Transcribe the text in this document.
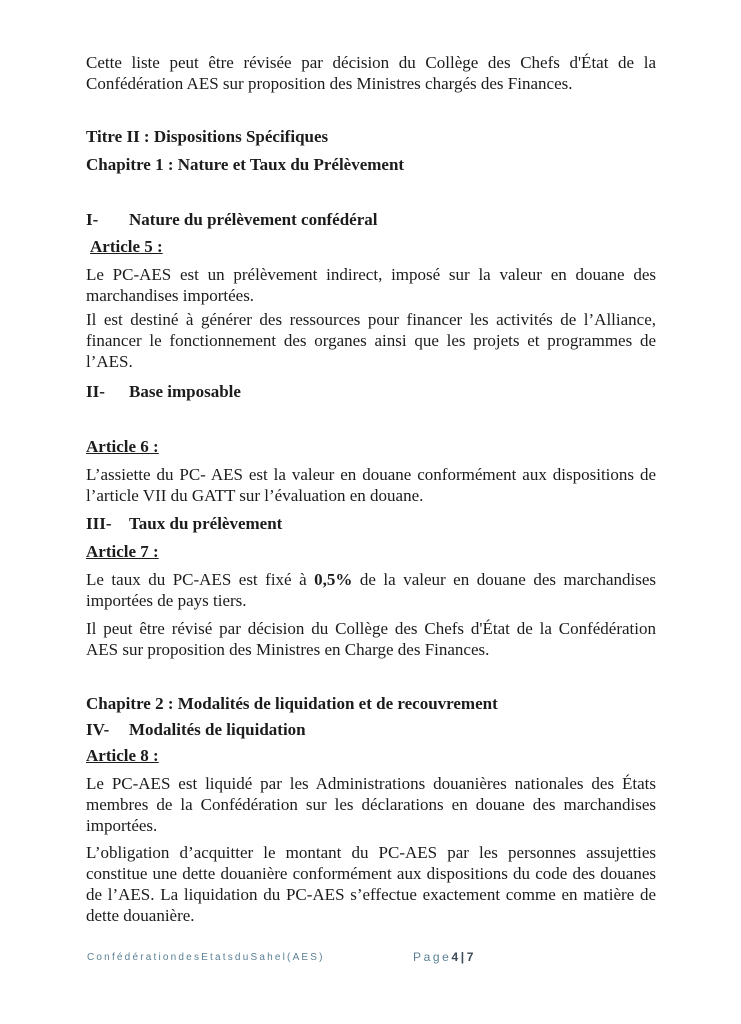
Cette liste peut être révisée par décision du Collège des Chefs d'État de la Confédération AES sur proposition des Ministres chargés des Finances.
Titre II : Dispositions Spécifiques
Chapitre 1 : Nature et Taux du Prélèvement
I- Nature du prélèvement confédéral
Article 5 :
Le PC-AES est un prélèvement indirect, imposé sur la valeur en douane des marchandises importées.
Il est destiné à générer des ressources pour financer les activités de l’Alliance, financer le fonctionnement des organes ainsi que les projets et programmes de l’AES.
II- Base imposable
Article 6 :
L’assiette du PC- AES est la valeur en douane conformément aux dispositions de l’article VII du GATT sur l’évaluation en douane.
III- Taux du prélèvement
Article 7 :
Le taux du PC-AES est fixé à 0,5% de la valeur en douane des marchandises importées de pays tiers.
Il peut être révisé par décision du Collège des Chefs d'État de la Confédération AES sur proposition des Ministres en Charge des Finances.
Chapitre 2 : Modalités de liquidation et de recouvrement
IV- Modalités de liquidation
Article 8 :
Le PC-AES est liquidé par les Administrations douanières nationales des États membres de la Confédération sur les déclarations en douane des marchandises importées.
L’obligation d’acquitter le montant du PC-AES par les personnes assujetties constitue une dette douanière conformément aux dispositions du code des douanes de l’AES. La liquidation du PC-AES s’effectue exactement comme en matière de dette douanière.
ConfédérationdesEtatsduSahel(AES)	Page4|7
